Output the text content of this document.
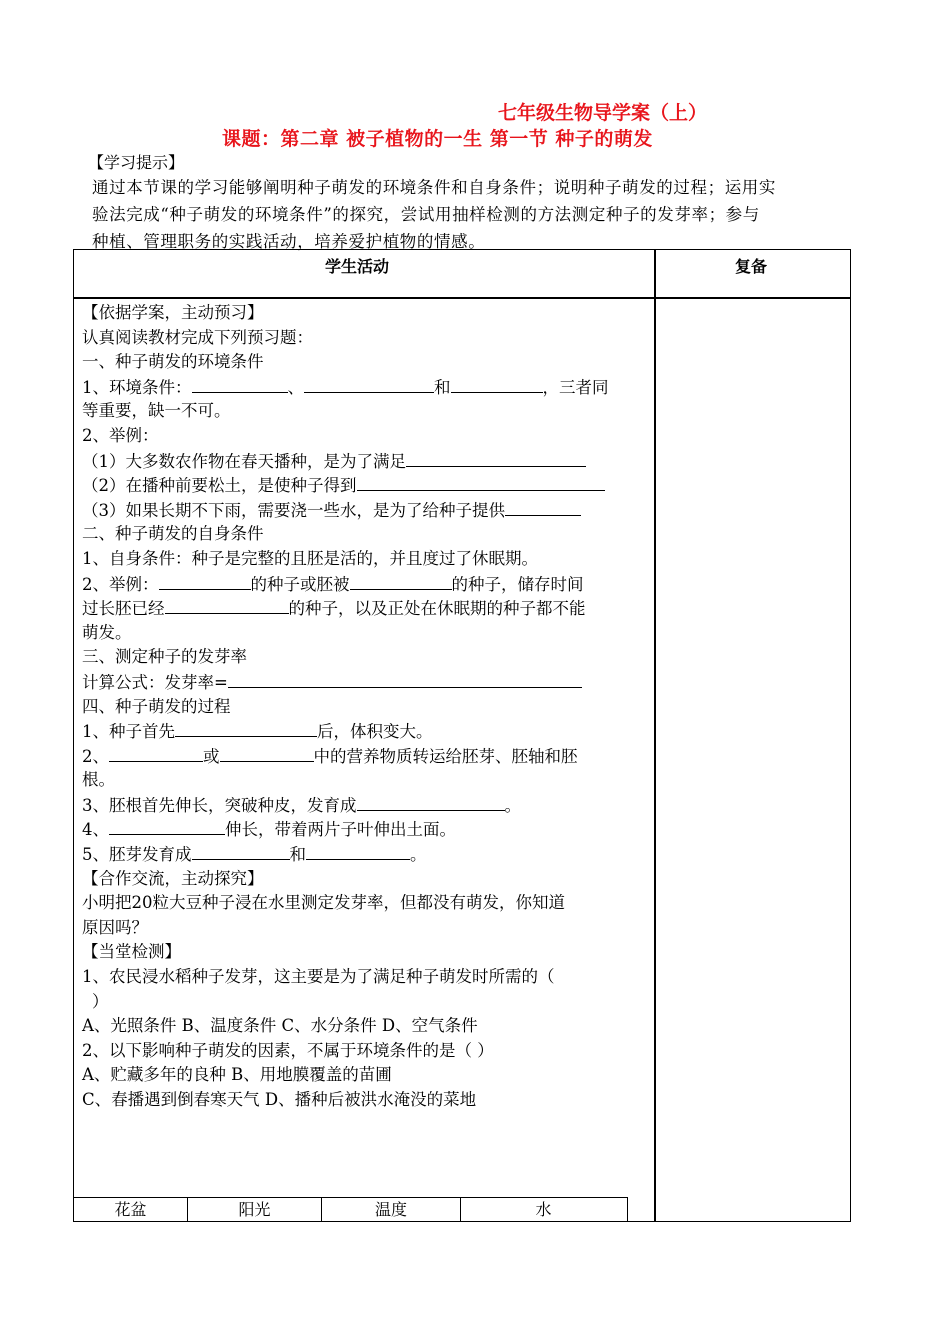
七年级生物导学案（上）
课题：第二章 被子植物的一生 第一节 种子的萌发
【学习提示】

通过本节课的学习能够阐明种子萌发的环境条件和自身条件；说明种子萌发的过程；运用实

验法完成“种子萌发的环境条件”的探究，尝试用抽样检测的方法测定种子的发芽率；参与

种植、管理职务的实践活动，培养爱护植物的情感。

学生活动	复备
【依据学案，主动预习】
认真阅读教材完成下列预习题：
一、种子萌发的环境条件
1、环境条件：	、	和	，三者同
等重要，缺一不可。
2、举例：
（1）大多数农作物在春天播种，是为了满足
（2）在播种前要松土，是使种子得到
（3）如果长期不下雨，需要浇一些水，是为了给种子提供
二、种子萌发的自身条件
1、自身条件：种子是完整的且胚是活的，并且度过了休眠期。
2、举例：	的种子或胚被	的种子，储存时间
过长胚已经	的种子，以及正处在休眠期的种子都不能
萌发。
三、测定种子的发芽率
计算公式：发芽率=
四、种子萌发的过程
1、种子首先	后，体积变大。
2、	或	中的营养物质转运给胚芽、胚轴和胚
根。
3、胚根首先伸长，突破种皮，发育成	。
4、	伸长，带着两片子叶伸出土面。
5、胚芽发育成	和	。
【合作交流，主动探究】
小明把20粒大豆种子浸在水里测定发芽率，但都没有萌发，你知道
原因吗？
【当堂检测】
1、农民浸水稻种子发芽，这主要是为了满足种子萌发时所需的（
）
A、光照条件 B、温度条件 C、水分条件 D、空气条件
2、以下影响种子萌发的因素，不属于环境条件的是（ ）
A、贮藏多年的良种 B、用地膜覆盖的苗圃
C、春播遇到倒春寒天气 D、播种后被洪水淹没的菜地
花盆	阳光	温度	水
